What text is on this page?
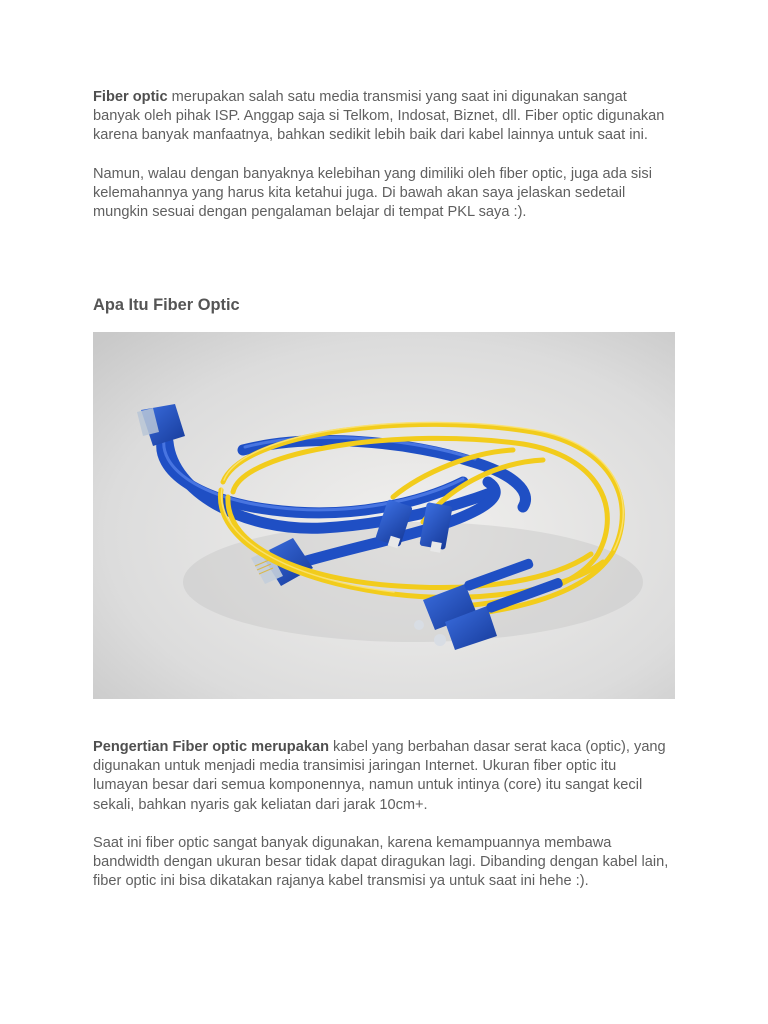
Fiber optic merupakan salah satu media transmisi yang saat ini digunakan sangat banyak oleh pihak ISP. Anggap saja si Telkom, Indosat, Biznet, dll. Fiber optic digunakan karena banyak manfaatnya, bahkan sedikit lebih baik dari kabel lainnya untuk saat ini.

Namun, walau dengan banyaknya kelebihan yang dimiliki oleh fiber optic, juga ada sisi kelemahannya yang harus kita ketahui juga. Di bawah akan saya jelaskan sedetail mungkin sesuai dengan pengalaman belajar di tempat PKL saya :).

Apa Itu Fiber Optic

Pengertian Fiber optic merupakan kabel yang berbahan dasar serat kaca (optic), yang digunakan untuk menjadi media transimisi jaringan Internet. Ukuran fiber optic itu lumayan besar dari semua komponennya, namun untuk intinya (core) itu sangat kecil sekali, bahkan nyaris gak keliatan dari jarak 10cm+.

Saat ini fiber optic sangat banyak digunakan, karena kemampuannya membawa bandwidth dengan ukuran besar tidak dapat diragukan lagi. Dibanding dengan kabel lain, fiber optic ini bisa dikatakan rajanya kabel transmisi ya untuk saat ini hehe :).
